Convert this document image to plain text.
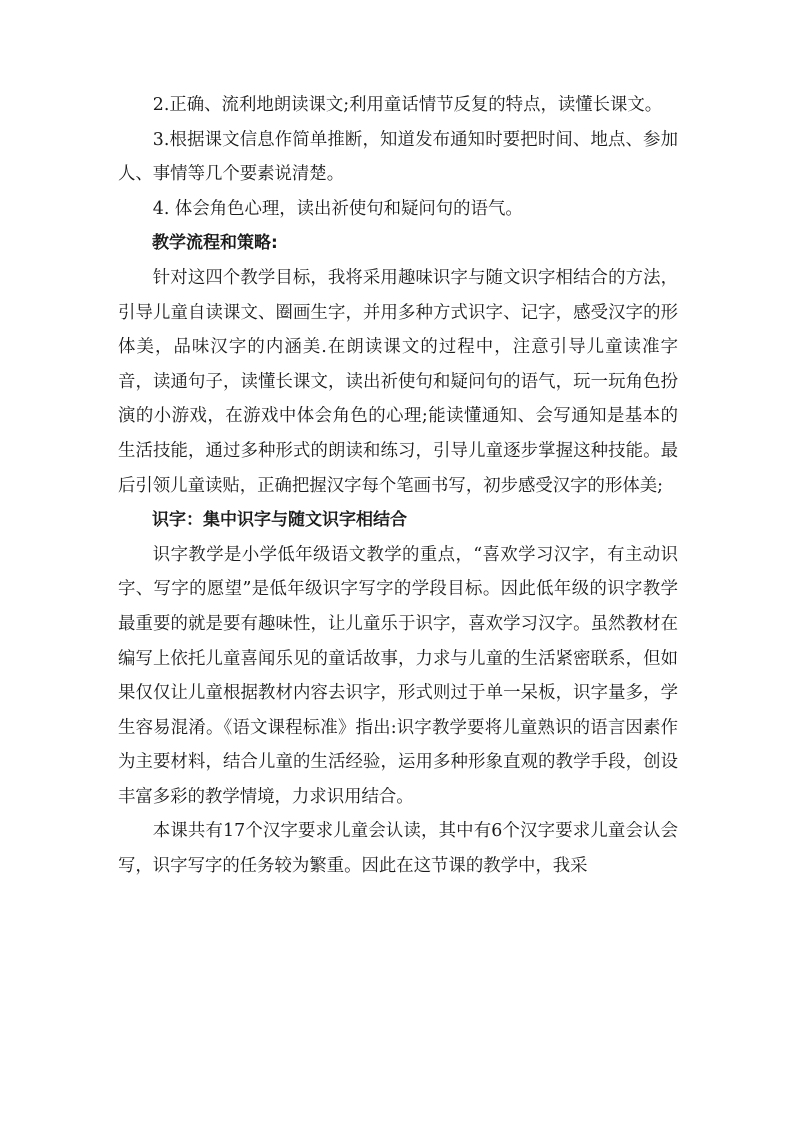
2.正确、流利地朗读课文;利用童话情节反复的特点，读懂长课文。

3.根据课文信息作简单推断，知道发布通知时要把时间、地点、参加人、事情等几个要素说清楚。

4. 体会角色心理，读出祈使句和疑问句的语气。

教学流程和策略:

针对这四个教学目标，我将采用趣味识字与随文识字相结合的方法，引导儿童自读课文、圈画生字，并用多种方式识字、记字，感受汉字的形体美，品味汉字的内涵美.在朗读课文的过程中，注意引导儿童读准字音，读通句子，读懂长课文，读出祈使句和疑问句的语气，玩一玩角色扮演的小游戏，在游戏中体会角色的心理;能读懂通知、会写通知是基本的生活技能，通过多种形式的朗读和练习，引导儿童逐步掌握这种技能。最后引领儿童读贴，正确把握汉字每个笔画书写，初步感受汉字的形体美;

识字：集中识字与随文识字相结合

识字教学是小学低年级语文教学的重点，“喜欢学习汉字，有主动识字、写字的愿望”是低年级识字写字的学段目标。因此低年级的识字教学最重要的就是要有趣味性，让儿童乐于识字，喜欢学习汉字。虽然教材在编写上依托儿童喜闻乐见的童话故事，力求与儿童的生活紧密联系，但如果仅仅让儿童根据教材内容去识字，形式则过于单一呆板，识字量多，学生容易混淆。《语文课程标准》指出:识字教学要将儿童熟识的语言因素作为主要材料，结合儿童的生活经验，运用多种形象直观的教学手段，创设丰富多彩的教学情境，力求识用结合。

本课共有17个汉字要求儿童会认读，其中有6个汉字要求儿童会认会写，识字写字的任务较为繁重。因此在这节课的教学中，我采
